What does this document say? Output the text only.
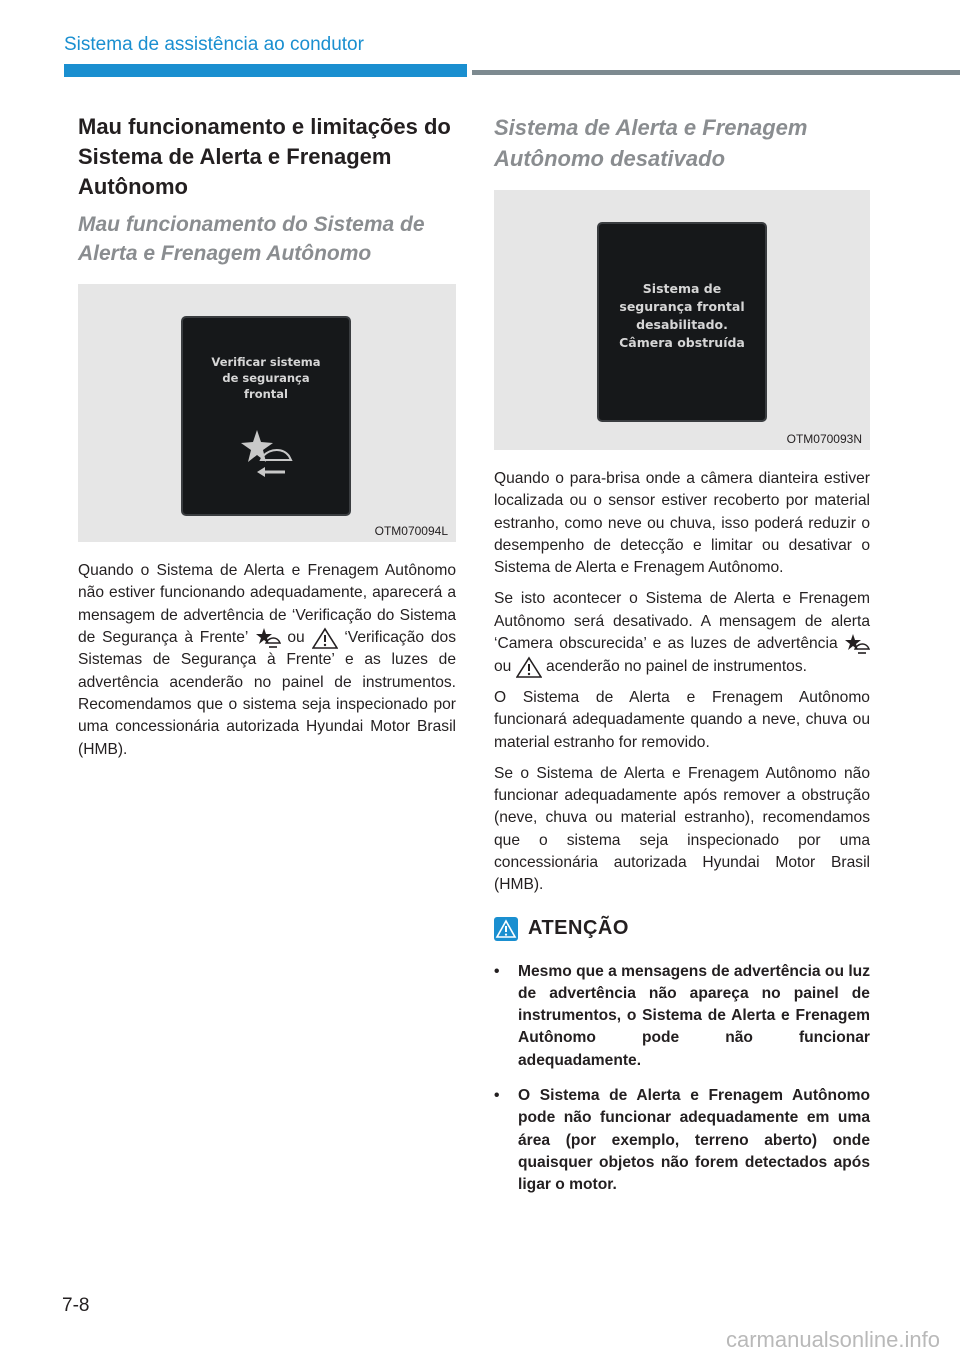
Sistema de assistência ao condutor
Mau funcionamento e limitações do Sistema de Alerta e Frenagem Autônomo
Mau funcionamento do Sistema de Alerta e Frenagem Autônomo
Verificar sistema
de segurança
frontal
OTM070094L

Quando o Sistema de Alerta e Frenagem Autônomo não estiver funcionando adequadamente, aparecerá a mensagem de advertência de ‘Verificação do Sistema de Segurança à Frente’	ou	‘Verificação dos Sistemas de Segurança à Frente’ e as luzes de advertência acenderão no painel de instrumentos. Recomendamos que o sistema seja inspecionado por uma concessionária autorizada Hyundai Motor Brasil (HMB).

Sistema de Alerta e Frenagem Autônomo desativado
Sistema de
segurança frontal
desabilitado.
Câmera obstruída
OTM070093N

Quando o para-brisa onde a câmera dianteira estiver localizada ou o sensor estiver recoberto por material estranho, como neve ou chuva, isso poderá reduzir o desempenho de detecção e limitar ou desativar o Sistema de Alerta e Frenagem Autônomo.

Se isto acontecer o Sistema de Alerta e Frenagem Autônomo será desativado. A mensagem de alerta ‘Camera obscurecida’ e as luzes de advertência  ou acenderão no painel de instrumentos.

O Sistema de Alerta e Frenagem Autônomo funcionará adequadamente quando a neve, chuva ou material estranho for removido.

Se o Sistema de Alerta e Frenagem Autônomo não funcionar adequadamente após remover a obstrução (neve, chuva ou material estranho), recomendamos que o sistema seja inspecionado por uma concessionária autorizada Hyundai Motor Brasil (HMB).

ATENÇÃO
• Mesmo que a mensagens de advertência ou luz de advertência não apareça no painel de instrumentos, o Sistema de Alerta e Frenagem Autônomo pode não funcionar adequadamente.
• O Sistema de Alerta e Frenagem Autônomo pode não funcionar adequadamente em uma área (por exemplo, terreno aberto) onde quaisquer objetos não forem detectados após ligar o motor.
7-8
carmanualsonline.info
